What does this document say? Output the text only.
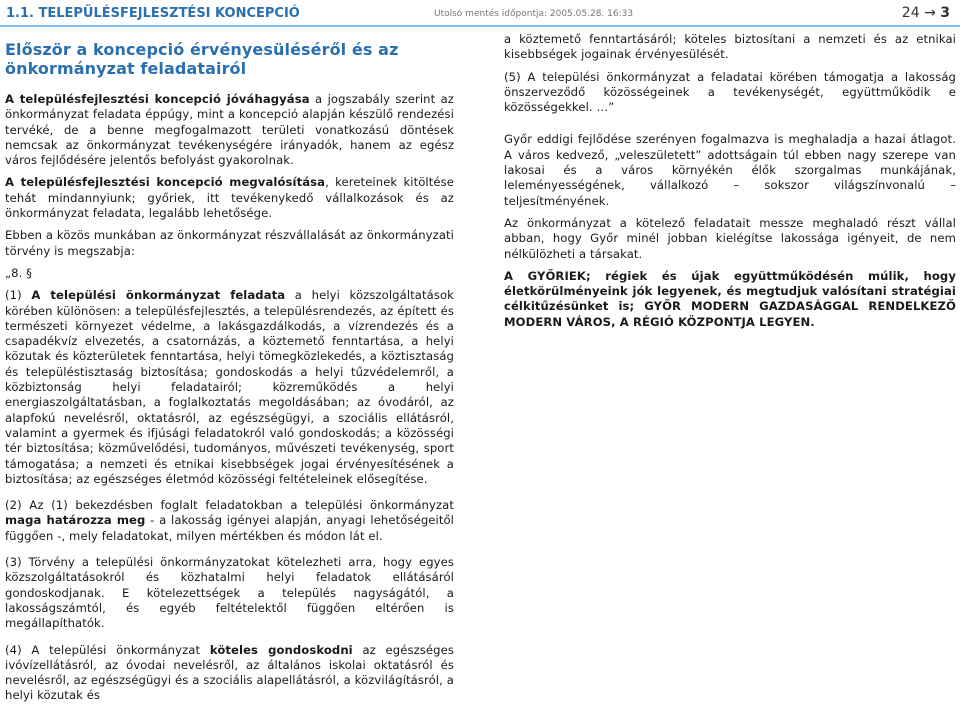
1.1. TELEPÜLÉSFEJLESZTÉSI KONCEPCIÓ	Utolsó mentés időpontja: 2005.05.28. 16:33	24 → 3
Először a koncepció érvényesüléséről és az önkormányzat feladatairól

A településfejlesztési koncepció jóváhagyása a jogszabály szerint az önkormányzat feladata éppúgy, mint a koncepció alapján készülő rendezési tervéké, de a benne megfogalmazott területi vonatkozású döntések nemcsak az önkormányzat tevékenységére irányadók, hanem az egész város fejlődésére jelentős befolyást gyakorolnak.

A településfejlesztési koncepció megvalósítása, kereteinek kitöltése tehát mindannyiunk; győriek, itt tevékenykedő vállalkozások és az önkormányzat feladata, legalább lehetősége.

Ebben a közös munkában az önkormányzat részvállalását az önkormányzati törvény is megszabja:

„8. §

(1) A települési önkormányzat feladata a helyi közszolgáltatások körében különösen: a településfejlesztés, a településrendezés, az épített és természeti környezet védelme, a lakásgazdálkodás, a vízrendezés és a csapadékvíz elvezetés, a csatornázás, a köztemető fenntartása, a helyi közutak és közterületek fenntartása, helyi tömegközlekedés, a köztisztaság és településtisztaság biztosítása; gondoskodás a helyi tűzvédelemről, a közbiztonság helyi feladatairól; közreműködés a helyi energiaszolgáltatásban, a foglalkoztatás megoldásában; az óvodáról, az alapfokú nevelésről, oktatásról, az egészségügyi, a szociális ellátásról, valamint a gyermek és ifjúsági feladatokról való gondoskodás; a közösségi tér biztosítása; közművelődési, tudományos, művészeti tevékenység, sport támogatása; a nemzeti és etnikai kisebbségek jogai érvényesítésének a biztosítása; az egészséges életmód közösségi feltételeinek elősegítése.

(2) Az (1) bekezdésben foglalt feladatokban a települési önkormányzat maga határozza meg - a lakosság igényei alapján, anyagi lehetőségeitől függően -, mely feladatokat, milyen mértékben és módon lát el.

(3) Törvény a települési önkormányzatokat kötelezheti arra, hogy egyes közszolgáltatásokról és közhatalmi helyi feladatok ellátásáról gondoskodjanak. E kötelezettségek a település nagyságától, a lakosságszámtól, és egyéb feltételektől függően eltérően is megállapíthatók.

(4) A települési önkormányzat köteles gondoskodni az egészséges ivóvízellátásról, az óvodai nevelésről, az általános iskolai oktatásról és nevelésről, az egészségügyi és a szociális alapellátásról, a közvilágításról, a helyi közutak és

a köztemető fenntartásáról; köteles biztosítani a nemzeti és az etnikai kisebbségek jogainak érvényesülését.

(5) A települési önkormányzat a feladatai körében támogatja a lakosság önszerveződő közösségeinek a tevékenységét, együttműködik e közösségekkel. …”

Győr eddigi fejlődése szerényen fogalmazva is meghaladja a hazai átlagot. A város kedvező, „veleszületett” adottságain túl ebben nagy szerepe van lakosai és a város környékén élők szorgalmas munkájának, leleményességének, vállalkozó – sokszor világszínvonalú – teljesítményének.

Az önkormányzat a kötelező feladatait messze meghaladó részt vállal abban, hogy Győr minél jobban kielégítse lakossága igényeit, de nem nélkülözheti a társakat.

A GYŐRIEK; régiek és újak együttműködésén múlik, hogy életkörülményeink jók legyenek, és megtudjuk valósítani stratégiai célkitűzésünket is; GYŐR MODERN GAZDASÁGGAL RENDELKEZŐ MODERN VÁROS, A RÉGIÓ KÖZPONTJA LEGYEN.
